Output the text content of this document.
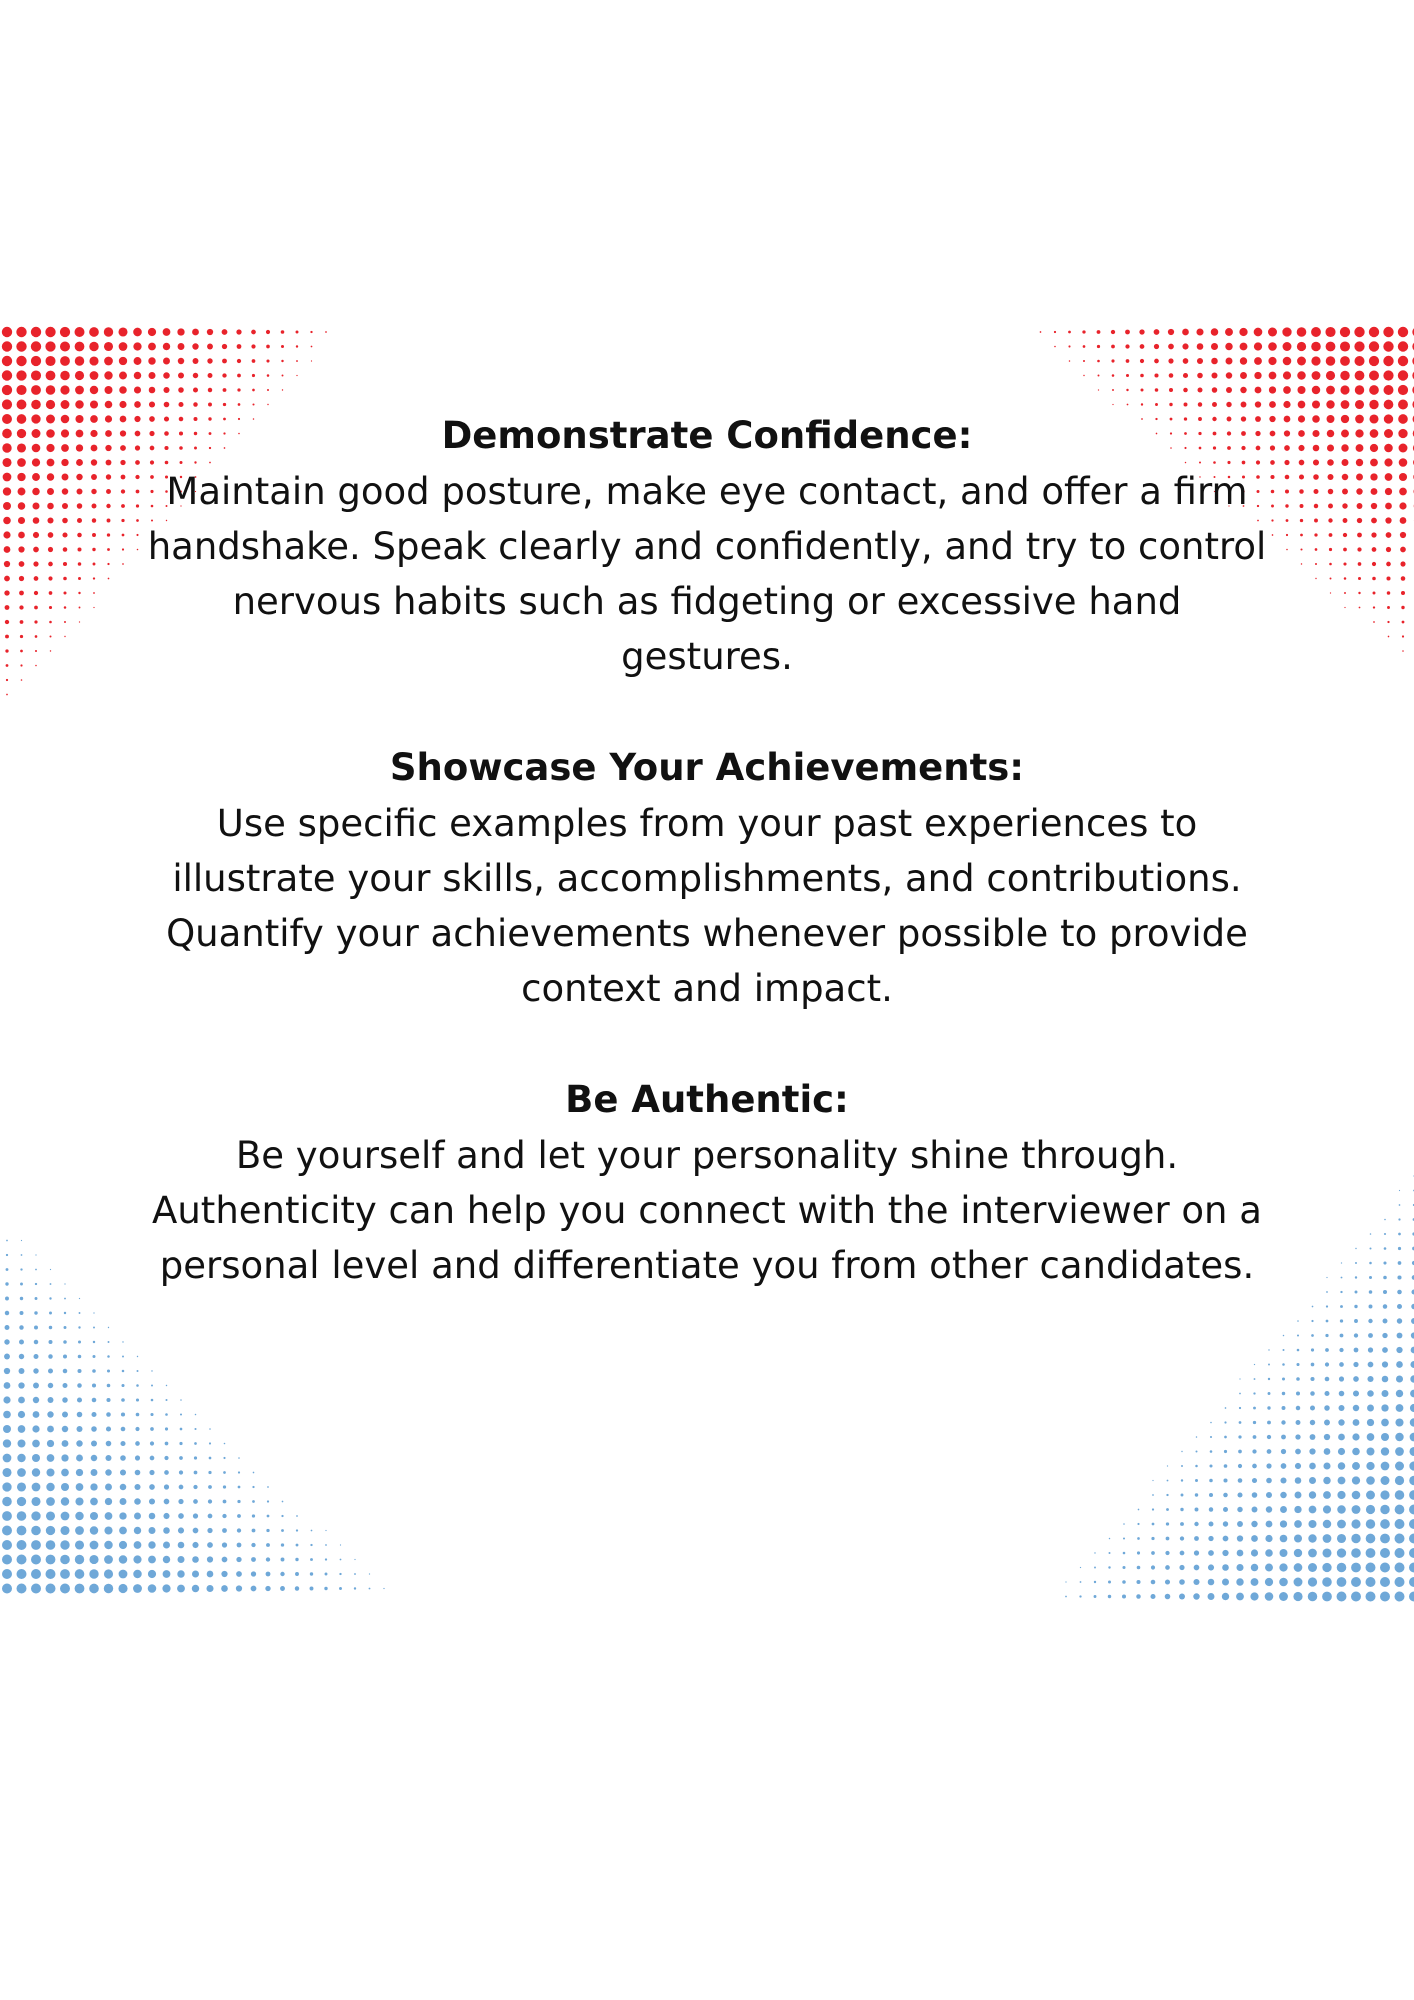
Demonstrate Confidence:

Maintain good posture, make eye contact, and offer a firm handshake. Speak clearly and confidently, and try to control nervous habits such as fidgeting or excessive hand gestures.

Showcase Your Achievements:

Use specific examples from your past experiences to illustrate your skills, accomplishments, and contributions. Quantify your achievements whenever possible to provide context and impact.

Be Authentic:

Be yourself and let your personality shine through. Authenticity can help you connect with the interviewer on a personal level and differentiate you from other candidates.
